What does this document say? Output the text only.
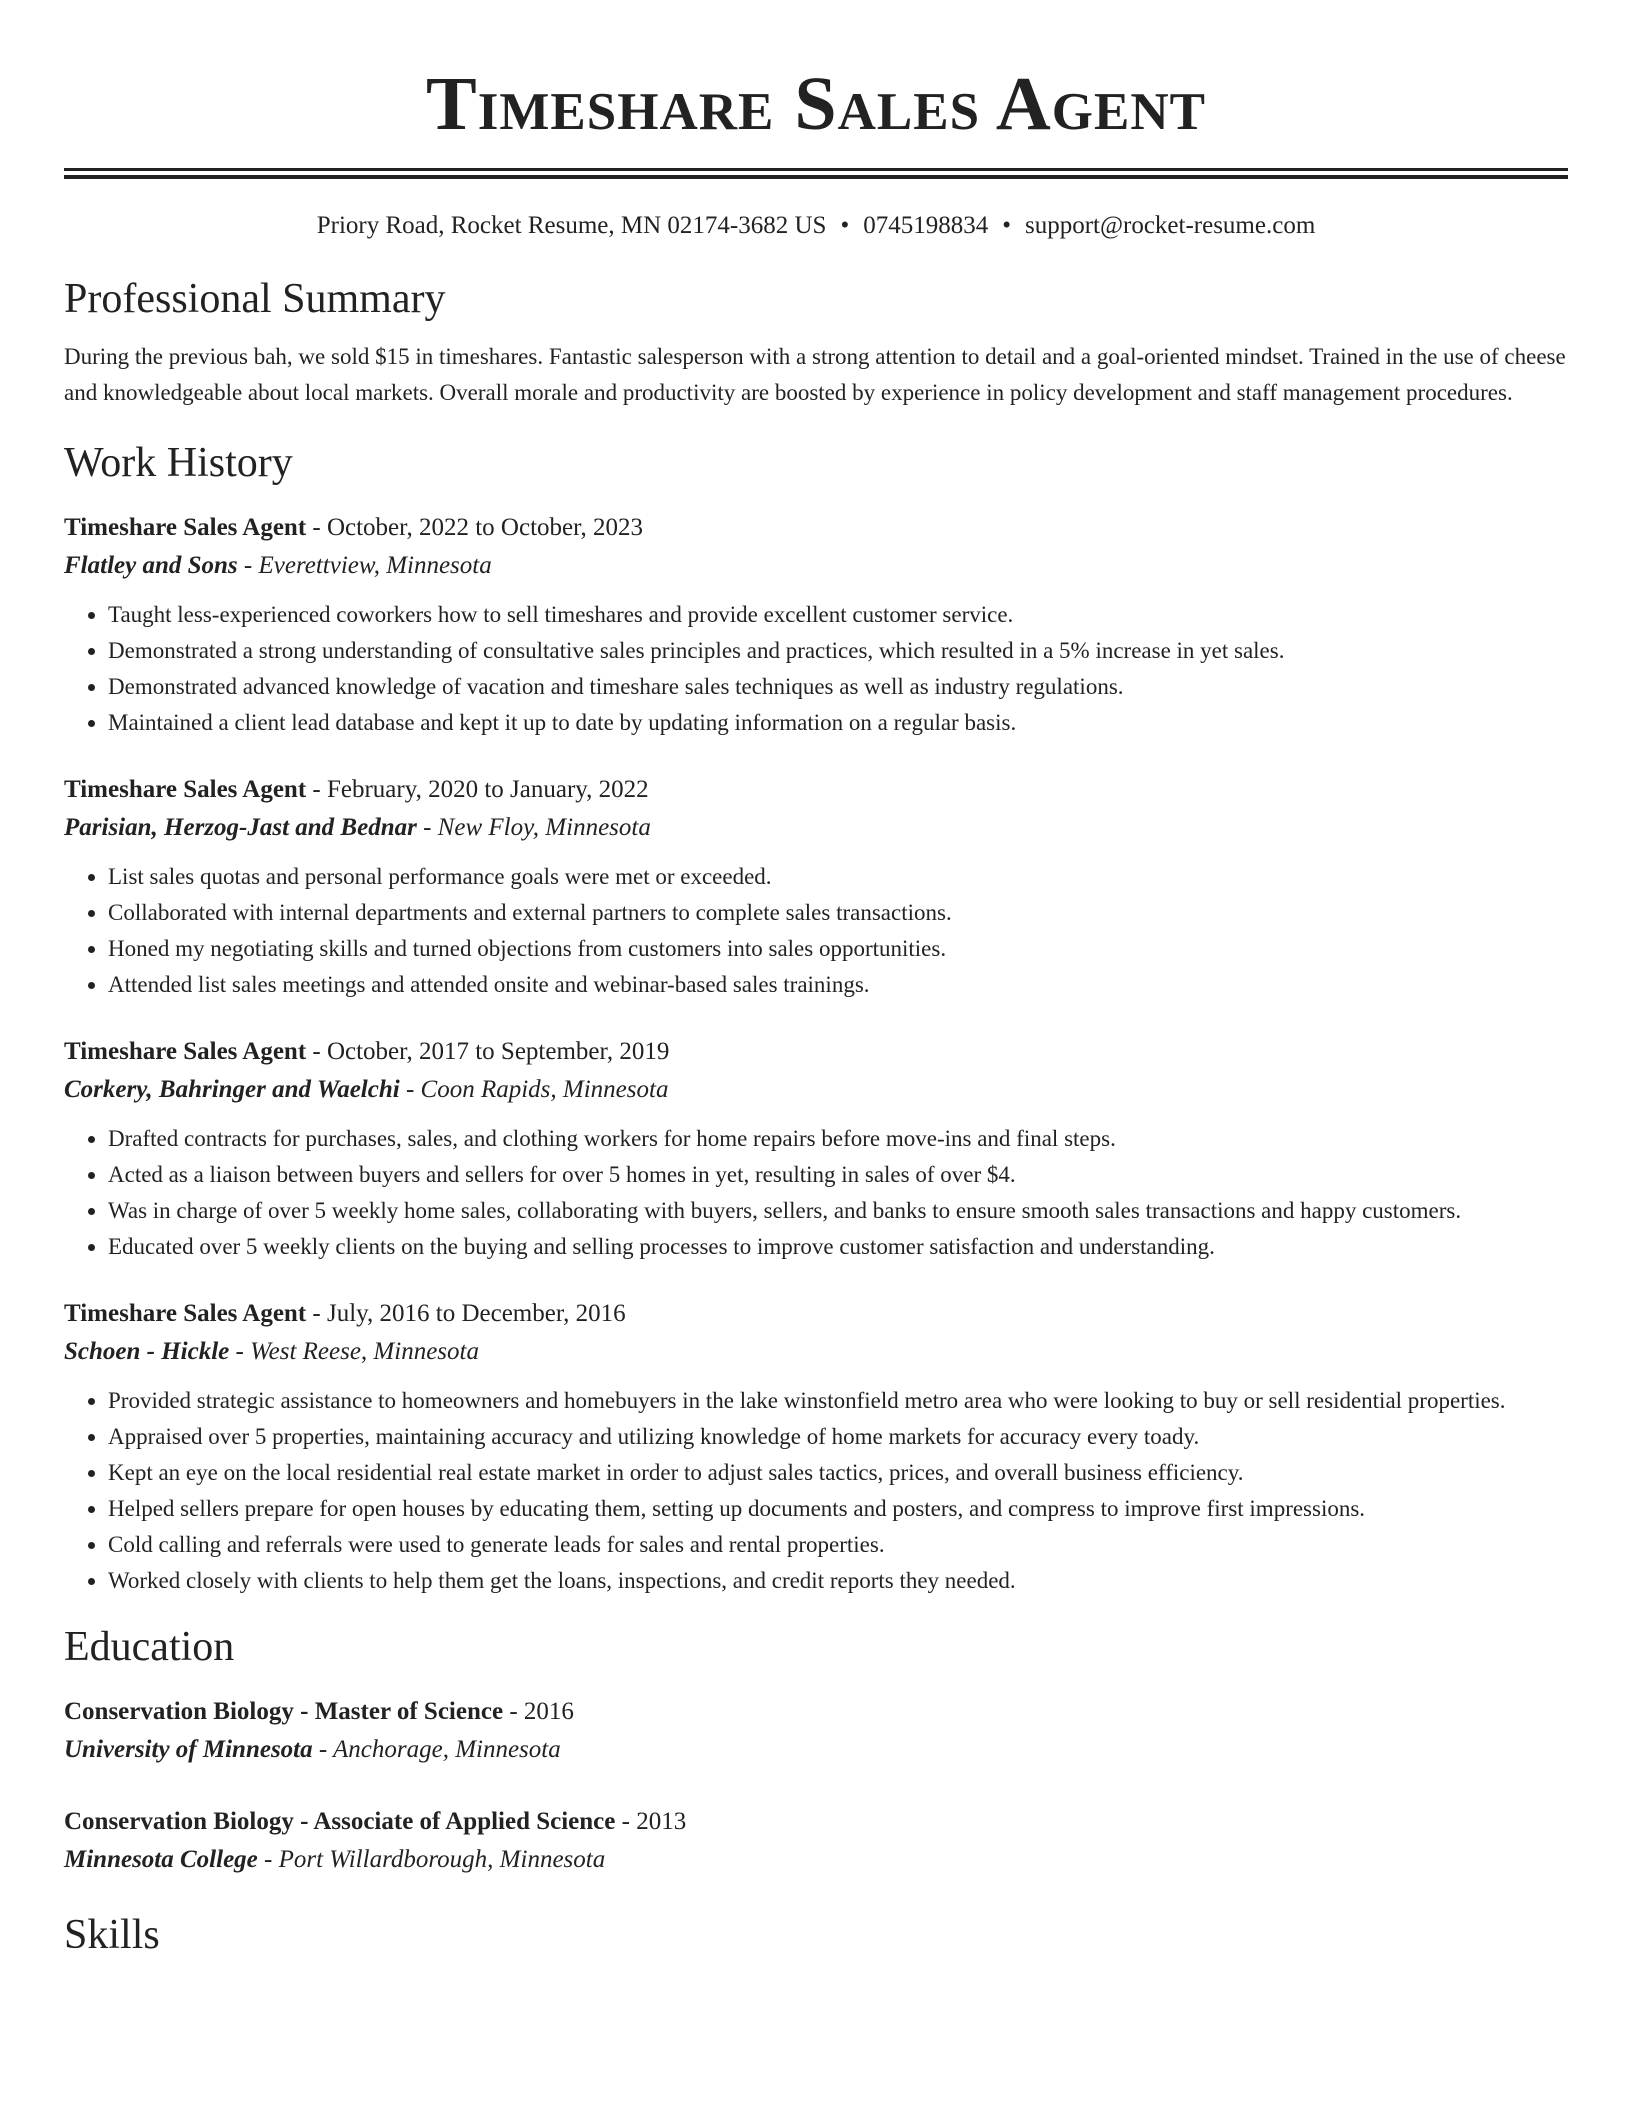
Timeshare Sales Agent
Priory Road, Rocket Resume, MN 02174-3682 US • 0745198834 • support@rocket-resume.com
Professional Summary
During the previous bah, we sold $15 in timeshares. Fantastic salesperson with a strong attention to detail and a goal-oriented mindset. Trained in the use of cheese and knowledgeable about local markets. Overall morale and productivity are boosted by experience in policy development and staff management procedures.
Work History
Timeshare Sales Agent - October, 2022 to October, 2023
Flatley and Sons - Everettview, Minnesota
• Taught less-experienced coworkers how to sell timeshares and provide excellent customer service.
• Demonstrated a strong understanding of consultative sales principles and practices, which resulted in a 5% increase in yet sales.
• Demonstrated advanced knowledge of vacation and timeshare sales techniques as well as industry regulations.
• Maintained a client lead database and kept it up to date by updating information on a regular basis.
Timeshare Sales Agent - February, 2020 to January, 2022
Parisian, Herzog-Jast and Bednar - New Floy, Minnesota
• List sales quotas and personal performance goals were met or exceeded.
• Collaborated with internal departments and external partners to complete sales transactions.
• Honed my negotiating skills and turned objections from customers into sales opportunities.
• Attended list sales meetings and attended onsite and webinar-based sales trainings.
Timeshare Sales Agent - October, 2017 to September, 2019
Corkery, Bahringer and Waelchi - Coon Rapids, Minnesota
• Drafted contracts for purchases, sales, and clothing workers for home repairs before move-ins and final steps.
• Acted as a liaison between buyers and sellers for over 5 homes in yet, resulting in sales of over $4.
• Was in charge of over 5 weekly home sales, collaborating with buyers, sellers, and banks to ensure smooth sales transactions and happy customers.
• Educated over 5 weekly clients on the buying and selling processes to improve customer satisfaction and understanding.
Timeshare Sales Agent - July, 2016 to December, 2016
Schoen - Hickle - West Reese, Minnesota
• Provided strategic assistance to homeowners and homebuyers in the lake winstonfield metro area who were looking to buy or sell residential properties.
• Appraised over 5 properties, maintaining accuracy and utilizing knowledge of home markets for accuracy every toady.
• Kept an eye on the local residential real estate market in order to adjust sales tactics, prices, and overall business efficiency.
• Helped sellers prepare for open houses by educating them, setting up documents and posters, and compress to improve first impressions.
• Cold calling and referrals were used to generate leads for sales and rental properties.
• Worked closely with clients to help them get the loans, inspections, and credit reports they needed.
Education
Conservation Biology - Master of Science - 2016
University of Minnesota - Anchorage, Minnesota
Conservation Biology - Associate of Applied Science - 2013
Minnesota College - Port Willardborough, Minnesota
Skills
